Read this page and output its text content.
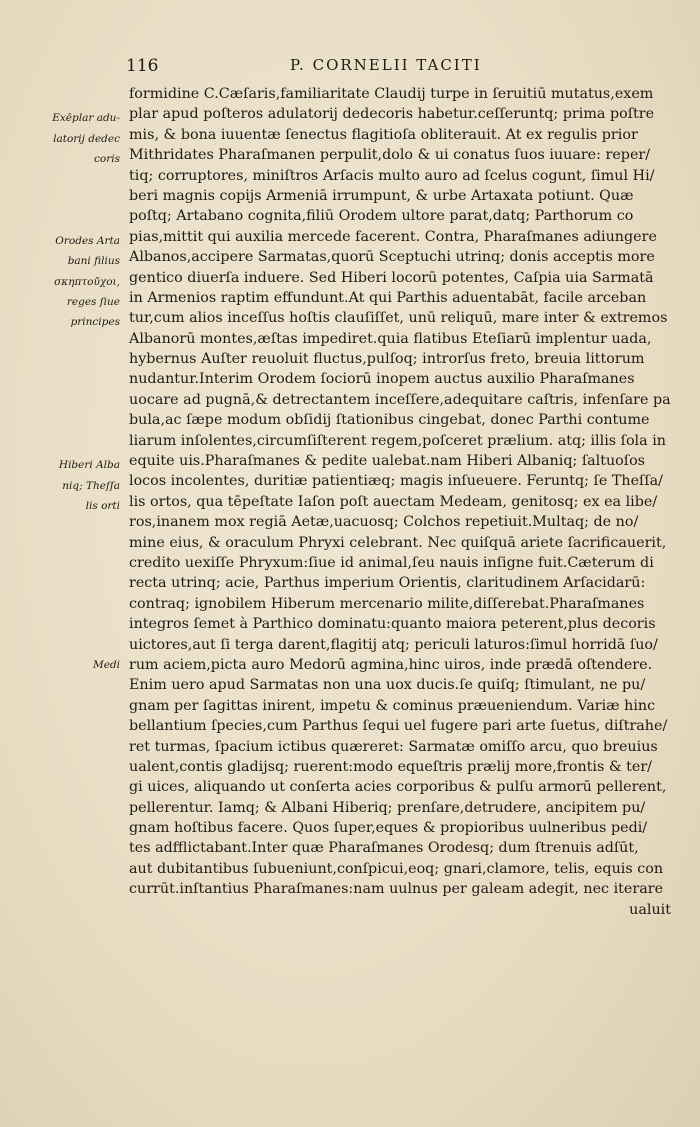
116	P. CORNELII TACITI
Exēplar adu-
latorij dedec
coris
Orodes Arta
bani filius
σκηπτοῦχοι,
reges ſiue
principes
Hiberi Alba
niq; Theſſa
lis orti
Medi
formidine C.Cæſaris,familiaritate Claudij turpe in ſeruitiū mutatus,exem
plar apud poſteros adulatorij dedecoris habetur.ceſſeruntq; prima poſtre
mis, & bona iuuentæ ſenectus flagitioſa obliterauit. At ex regulis prior
Mithridates Pharaſmanen perpulit,dolo & ui conatus ſuos iuuare: reper/
tiq; corruptores, miniſtros Arſacis multo auro ad ſcelus cogunt, ſimul Hi/
beri magnis copijs Armeniā irrumpunt, & urbe Artaxata potiunt. Quæ
poſtq; Artabano cognita,filiū Orodem ultore parat,datq; Parthorum co
pias,mittit qui auxilia mercede facerent. Contra, Pharaſmanes adiungere
Albanos,accipere Sarmatas,quorū Sceptuchi utrinq; donis acceptis more
gentico diuerſa induere. Sed Hiberi locorū potentes, Caſpia uia Sarmatā
in Armenios raptim effundunt.At qui Parthis aduentabāt, facile arceban
tur,cum alios inceſſus hoſtis clauſiſſet, unū reliquū, mare inter & extremos
Albanorū montes,æſtas impediret.quia flatibus Eteſiarū implentur uada,
hybernus Auſter reuoluit fluctus,pulſoq; introrſus freto, breuia littorum
nudantur.Interim Orodem ſociorū inopem auctus auxilio Pharaſmanes
uocare ad pugnā,& detrectantem inceſſere,adequitare caſtris, infenſare pa
bula,ac ſæpe modum obſidij ſtationibus cingebat, donec Parthi contume
liarum inſolentes,circumſiſterent regem,poſceret prælium. atq; illis ſola in
equite uis.Pharaſmanes & pedite ualebat.nam Hiberi Albaniq; ſaltuoſos
locos incolentes, duritiæ patientiæq; magis inſueuere. Feruntq; ſe Theſſa/
lis ortos, qua tēpeſtate Iaſon poſt auectam Medeam, genitosq; ex ea libe/
ros,inanem mox regiā Aetæ,uacuosq; Colchos repetiuit.Multaq; de no/
mine eius, & oraculum Phryxi celebrant. Nec quiſquā ariete ſacrificauerit,
credito uexiſſe Phryxum:ſiue id animal,ſeu nauis inſigne fuit.Cæterum di
recta utrinq; acie, Parthus imperium Orientis, claritudinem Arſacidarū:
contraq; ignobilem Hiberum mercenario milite,diſſerebat.Pharaſmanes
integros ſemet à Parthico dominatu:quanto maiora peterent,plus decoris
uictores,aut ſi terga darent,flagitij atq; periculi laturos:ſimul horridā ſuo/
rum aciem,picta auro Medorū agmina,hinc uiros, inde prædā oſtendere.
Enim uero apud Sarmatas non una uox ducis.ſe quiſq; ſtimulant, ne pu/
gnam per ſagittas inirent, impetu & cominus præueniendum. Variæ hinc
bellantium ſpecies,cum Parthus ſequi uel fugere pari arte ſuetus, diſtrahe/
ret turmas, ſpacium ictibus quæreret: Sarmatæ omiſſo arcu, quo breuius
ualent,contis gladijsq; ruerent:modo equeſtris prælij more,frontis & ter/
gi uices, aliquando ut conſerta acies corporibus & pulſu armorū pellerent,
pellerentur. Iamq; & Albani Hiberiq; prenſare,detrudere, ancipitem pu/
gnam hoſtibus facere. Quos ſuper,eques & propioribus uulneribus pedi/
tes adfflictabant.Inter quæ Pharaſmanes Orodesq; dum ſtrenuis adſūt,
aut dubitantibus ſubueniunt,conſpicui,eoq; gnari,clamore, telis, equis con
currūt.inſtantius Pharaſmanes:nam uulnus per galeam adegit, nec iterare
ualuit
